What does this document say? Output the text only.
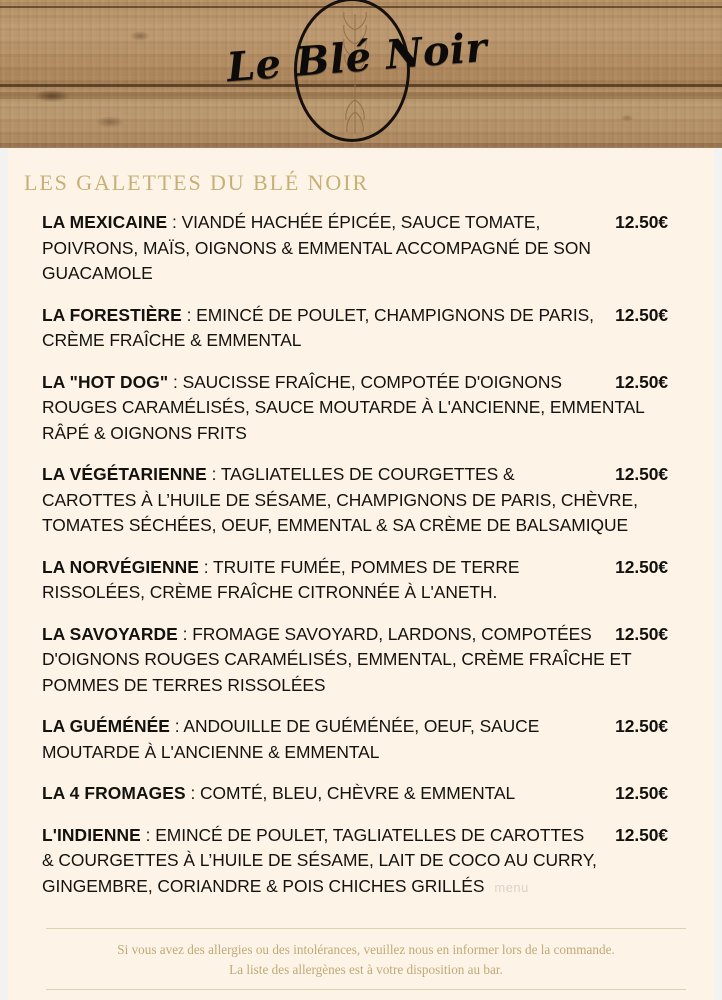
Le Blé Noir
LES GALETTES DU BLÉ NOIR
12.50€
LA MEXICAINE : VIANDÉ HACHÉE ÉPICÉE, SAUCE TOMATE, POIVRONS, MAÏS, OIGNONS & EMMENTAL ACCOMPAGNÉ DE SON GUACAMOLE
12.50€
LA FORESTIÈRE : EMINCÉ DE POULET, CHAMPIGNONS DE PARIS, CRÈME FRAÎCHE & EMMENTAL
12.50€
LA "HOT DOG" : SAUCISSE FRAÎCHE, COMPOTÉE D'OIGNONS ROUGES CARAMÉLISÉS, SAUCE MOUTARDE À L'ANCIENNE, EMMENTAL RÂPÉ & OIGNONS FRITS
12.50€
LA VÉGÉTARIENNE : TAGLIATELLES DE COURGETTES & CAROTTES À L’HUILE DE SÉSAME, CHAMPIGNONS DE PARIS, CHÈVRE, TOMATES SÉCHÉES, OEUF, EMMENTAL & SA CRÈME DE BALSAMIQUE
12.50€
LA NORVÉGIENNE : TRUITE FUMÉE, POMMES DE TERRE RISSOLÉES, CRÈME FRAÎCHE CITRONNÉE À L'ANETH.
12.50€
LA SAVOYARDE : FROMAGE SAVOYARD, LARDONS, COMPOTÉES D'OIGNONS ROUGES CARAMÉLISÉS, EMMENTAL, CRÈME FRAÎCHE ET POMMES DE TERRES RISSOLÉES
12.50€
LA GUÉMÉNÉE : ANDOUILLE DE GUÉMÉNÉE, OEUF, SAUCE MOUTARDE À L'ANCIENNE & EMMENTAL
12.50€
LA 4 FROMAGES : COMTÉ, BLEU, CHÈVRE & EMMENTAL
12.50€
L'INDIENNE : EMINCÉ DE POULET, TAGLIATELLES DE CAROTTES & COURGETTES À L’HUILE DE SÉSAME, LAIT DE COCO AU CURRY, GINGEMBRE, CORIANDRE & POIS CHICHES GRILLÉS menu
Si vous avez des allergies ou des intolérances, veuillez nous en informer lors de la commande.
La liste des allergènes est à votre disposition au bar.
